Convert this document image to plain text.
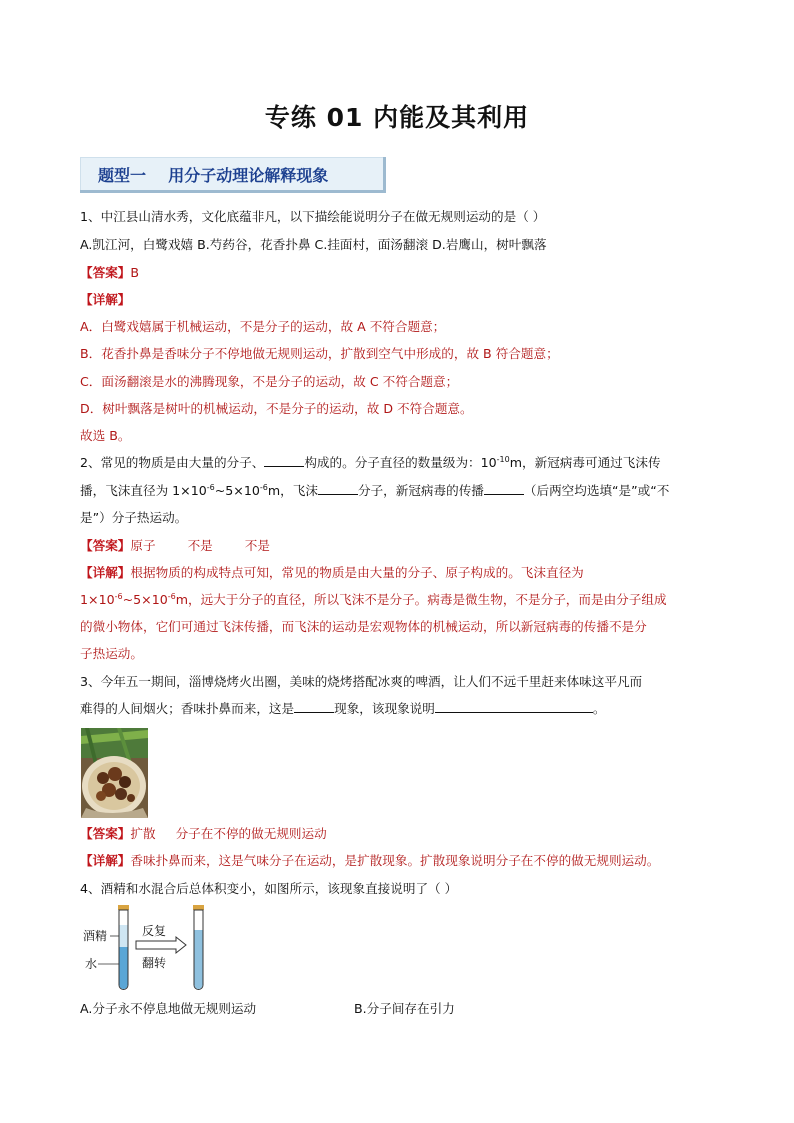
专练 01 内能及其利用
题型一    用分子动理论解释现象
1、中江县山清水秀，文化底蕴非凡，以下描绘能说明分子在做无规则运动的是（ ）
A.凯江河，白鹭戏嬉 B.芍药谷，花香扑鼻 C.挂面村，面汤翻滚 D.岩鹰山，树叶飘落
【答案】B
【详解】
A．白鹭戏嬉属于机械运动，不是分子的运动，故 A 不符合题意；
B．花香扑鼻是香味分子不停地做无规则运动，扩散到空气中形成的，故 B 符合题意；
C．面汤翻滚是水的沸腾现象，不是分子的运动，故 C 不符合题意；
D．树叶飘落是树叶的机械运动，不是分子的运动，故 D 不符合题意。
故选 B。
2、常见的物质是由大量的分子、	构成的。分子直径的数量级为：$10^{-10}m$，新冠病毒可通过飞沫传
播，飞沫直径为 $1\times 10^{-6}\sim 5\times 10^{-6}m$，飞沫	分子，新冠病毒的传播	（后两空均选填“是”或“不
是”）分子热运动。
【答案】原子        不是        不是
【详解】根据物质的构成特点可知，常见的物质是由大量的分子、原子构成的。飞沫直径为
$1\times 10^{-6}\sim 5\times 10^{-6}m$，远大于分子的直径，所以飞沫不是分子。病毒是微生物，不是分子，而是由分子组成
的微小物体，它们可通过飞沫传播，而飞沫的运动是宏观物体的机械运动，所以新冠病毒的传播不是分
子热运动。
3、今年五一期间，淄博烧烤火出圈，美味的烧烤搭配冰爽的啤酒，让人们不远千里赶来体味这平凡而
难得的人间烟火；香味扑鼻而来，这是	现象，该现象说明	。
【答案】扩散     分子在不停的做无规则运动
【详解】香味扑鼻而来，这是气味分子在运动，是扩散现象。扩散现象说明分子在不停的做无规则运动。
4、酒精和水混合后总体积变小，如图所示，该现象直接说明了（ ）
酒精
水
反复
翻转
A.分子永不停息地做无规则运动	B.分子间存在引力
